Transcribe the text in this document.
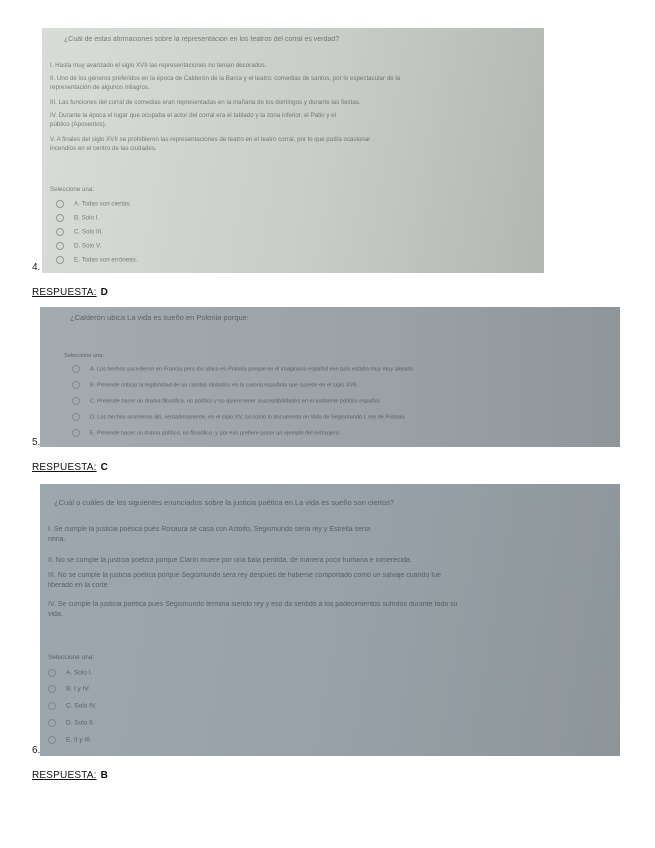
¿Cuál de estas afirmaciones sobre la representación en los teatros del corral es verdad?
I. Hasta muy avanzado el siglo XVII las representaciones no tenían decorados.
II. Uno de los géneros preferidos en la época de Calderón de la Barca y el teatro: comedias de santos, por lo espectacular de la
representación de algunos milagros.
III. Las funciones del corral de comedias eran representadas en la mañana de los domingos y durante las fiestas.
IV. Durante la época el lugar que ocupaba el actor del corral era el tablado y la zona inferior, el Patio y el
público (Aposentos).
V. A finales del siglo XVII se prohibieron las representaciones de teatro en el teatro corral, por lo que podía ocasionar
incendios en el centro de las ciudades.
Seleccione una:
A. Todas son ciertas.
B. Solo I.
C. Solo III.
D. Solo V.
E. Todas son erróneas.
4.
RESPUESTA: D
¿Calderón ubica La vida es sueño en Polonia porque:
Seleccione una:
A. Los hechos sucedieron en Francia pero los ubica en Polonia porque en el imaginario español ese país estaba muy muy alejado.
B. Pretende criticar la legitimidad de un cambio dinástico en la corona española que sucede en el siglo XVII.
C. Pretende hacer un drama filosófico, no político y no quiere tener susceptibilidades en el ambiente político español.
D. Los hechos ocurrieron allí, verdaderamente, en el siglo XV, tal como lo documenta en Vida de Segismundo I, rey de Polonia.
E. Pretende hacer un drama político, no filosófico, y por eso prefiere poner un ejemplo del extranjero.
5.
RESPUESTA: C
¿Cuál o cuáles de los siguientes enunciados sobre la justicia poética en La vida es sueño son ciertos?
I. Se cumple la justicia poética pues Rosaura se casa con Astolfo, Segismundo sería rey y Estrella sería
reina.
II. No se cumple la justicia poética porque Clarín muere por una bala perdida, de manera poco humana e inmerecida.
III. No se cumple la justicia poética porque Segismundo será rey después de haberse comportado como un salvaje cuando fue
liberado en la corte.
IV. Se cumple la justicia poética pues Segismundo termina siendo rey y eso da sentido a los padecimientos sufridos durante toda su
vida.
Seleccione una:
A. Solo I.
B. I y IV.
C. Solo IV.
D. Solo II.
E. II y III.
6.
RESPUESTA: B
